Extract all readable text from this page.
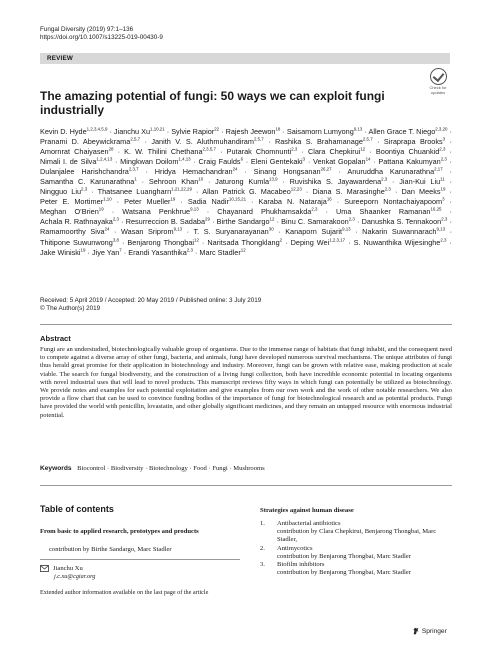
Fungal Diversity (2019) 97:1–136
https://doi.org/10.1007/s13225-019-00430-9
REVIEW
Check for updates
The amazing potential of fungi: 50 ways we can exploit fungi industrially
Kevin D. Hyde$^{1,2,3,4,5,9}$ · Jianchu Xu$^{1,10,21}$ · Sylvie Rapior$^{22}$ · Rajesh Jeewon$^{18}$ · Saisamorn Lumyong$^{9,13}$ · Allen Grace T. Niego$^{2,3,20}$ · Pranami D. Abeywickrama$^{2,5,7}$ · Janith V. S. Aluthmuhandiram$^{2,5,7}$ · Rashika S. Brahamanage$^{2,5,7}$ · Siraprapa Brooks$^3$ · Amornrat Chaiyasen$^{28}$ · K. W. Thilini Chethana$^{2,3,5,7}$ · Putarak Chomnunti$^{2,3}$ · Clara Chepkirui$^{12}$ · Boontiya Chuankid$^{2,3}$ · Nimali I. de Silva$^{1,2,4,13}$ · Mingkwan Doilom$^{1,4,13}$ · Craig Faulds$^6$ · Eleni Gentekaki$^3$ · Venkat Gopalan$^{14}$ · Pattana Kakumyan$^{2,3}$ · Dulanjalee Harishchandra$^{2,3,7}$ · Hridya Hemachandran$^{24}$ · Sinang Hongsanan$^{26,27}$ · Anuruddha Karunarathna$^{2,17}$ · Samantha C. Karunarathna$^1$ · Sehroon Khan$^{10}$ · Jaturong Kumla$^{13,9}$ · Ruvishika S. Jayawardena$^{2,3}$ · Jian-Kui Liu$^{11}$ · Ningguo Liu$^{2,3}$ · Thatsanee Luangharn$^{1,21,22,29}$ · Allan Patrick G. Macabeo$^{12,23}$ · Diana S. Marasinghe$^{2,3}$ · Dan Meeks$^{19}$ · Peter E. Mortimer$^{1,10}$ · Peter Mueller$^{19}$ · Sadia Nadir$^{10,15,21}$ · Karaba N. Nataraja$^{16}$ · Sureeporn Nontachaiyapoom$^3$ · Meghan O’Brien$^{19}$ · Watsana Penkhrue$^{9,13}$ · Chayanard Phukhamsakda$^{2,3}$ · Uma Shaanker Ramanan$^{16,25}$ · Achala R. Rathnayaka$^{2,3}$ · Resurreccion B. Sadaba$^{29}$ · Birthe Sandargo$^{12}$ · Binu C. Samarakoon$^{2,3}$ · Danushka S. Tennakoon$^{2,3}$ · Ramamoorthy Siva$^{24}$ · Wasan Sriprom$^{9,13}$ · T. S. Suryanarayanan$^{30}$ · Kanaporn Sujarit$^{9,13}$ · Nakarin Suwannarach$^{9,13}$ · Thitipone Suwunwong$^{3,8}$ · Benjarong Thongbai$^{12}$ · Naritsada Thongklang$^2$ · Deping Wei$^{1,2,3,17}$ · S. Nuwanthika Wijesinghe$^{2,3}$ · Jake Winiski$^{19}$ · Jiye Yan$^7$ · Erandi Yasanthika$^{2,3}$ · Marc Stadler$^{12}$
Received: 5 April 2019 / Accepted: 20 May 2019 / Published online: 3 July 2019
© The Author(s) 2019
Abstract
Fungi are an understudied, biotechnologically valuable group of organisms. Due to the immense range of habitats that fungi inhabit, and the consequent need to compete against a diverse array of other fungi, bacteria, and animals, fungi have developed numerous survival mechanisms. The unique attributes of fungi thus herald great promise for their application in biotechnology and industry. Moreover, fungi can be grown with relative ease, making production at scale viable. The search for fungal biodiversity, and the construction of a living fungi collection, both have incredible economic potential in locating organisms with novel industrial uses that will lead to novel products. This manuscript reviews fifty ways in which fungi can potentially be utilized as biotechnology. We provide notes and examples for each potential exploitation and give examples from our own work and the work of other notable researchers. We also provide a flow chart that can be used to convince funding bodies of the importance of fungi for biotechnological research and as potential products. Fungi have provided the world with penicillin, lovastatin, and other globally significant medicines, and they remain an untapped resource with enormous industrial potential.
Keywords Biocontrol · Biodiversity · Biotechnology · Food · Fungi · Mushrooms
Table of contents
From basic to applied research, prototypes and products
contribution by Birthe Sandargo, Marc Stadler
Jianchu Xu
j.c.xu@cgiar.org
Extended author information available on the last page of the article
Strategies against human disease
1.	Antibacterial antibiotics
contribution by Clara Chepkirui, Benjarong Thongbai, Marc Stadler,
2.	Antimycotics
contribution by Benjarong Thongbai, Marc Stadler
3.	Biofilm inhibitors
contribution by Benjarong Thongbai, Marc Stadler
Springer
